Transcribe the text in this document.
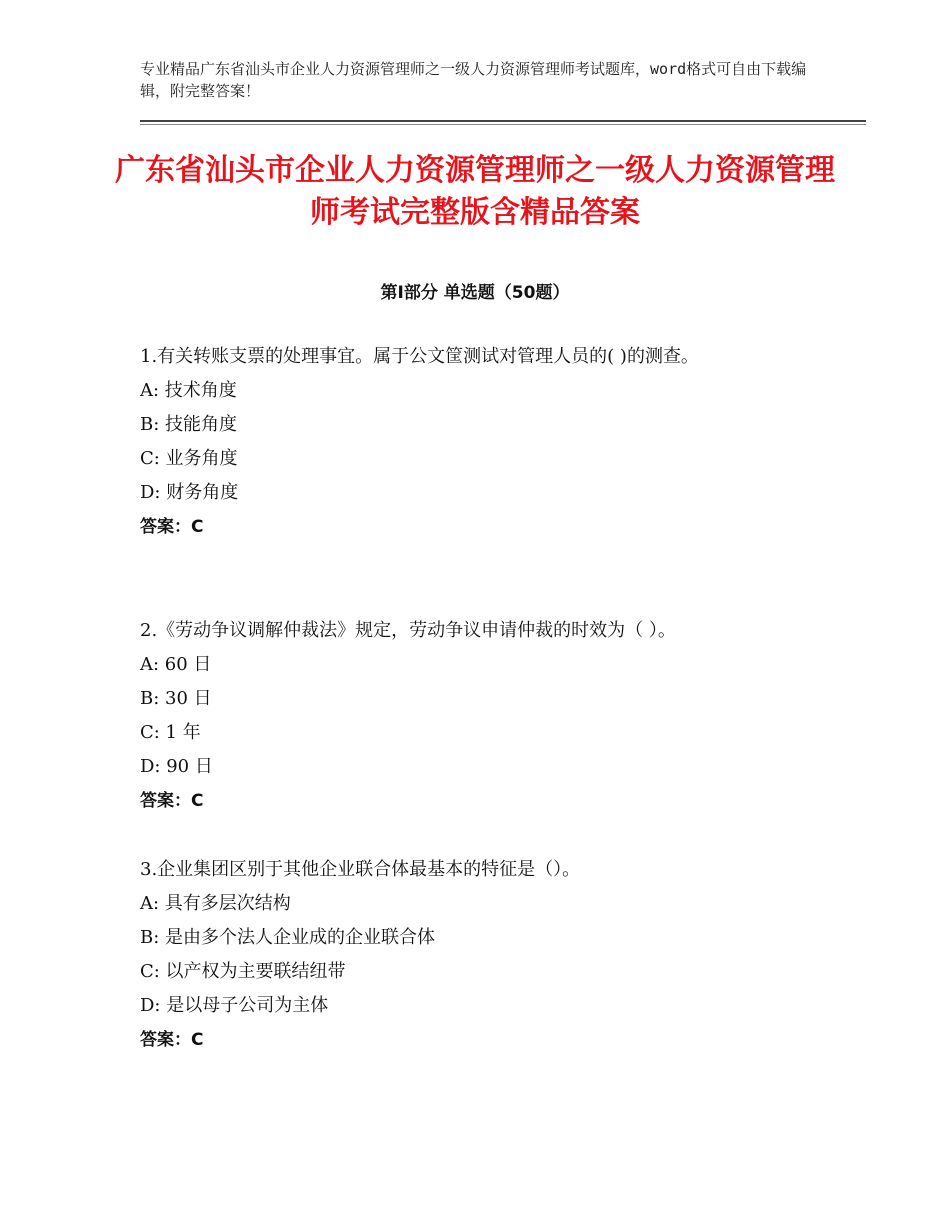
专业精品广东省汕头市企业人力资源管理师之一级人力资源管理师考试题库，word格式可自由下载编辑，附完整答案！
广东省汕头市企业人力资源管理师之一级人力资源管理师考试完整版含精品答案
第Ⅰ部分 单选题（50题）
1.有关转账支票的处理事宜。属于公文筐测试对管理人员的( )的测查。
A: 技术角度
B: 技能角度
C: 业务角度
D: 财务角度
答案：C
2.《劳动争议调解仲裁法》规定，劳动争议申请仲裁的时效为（ ）。
A: 60 日
B: 30 日
C: 1 年
D: 90 日
答案：C
3.企业集团区别于其他企业联合体最基本的特征是（）。
A: 具有多层次结构
B: 是由多个法人企业成的企业联合体
C: 以产权为主要联结纽带
D: 是以母子公司为主体
答案：C
